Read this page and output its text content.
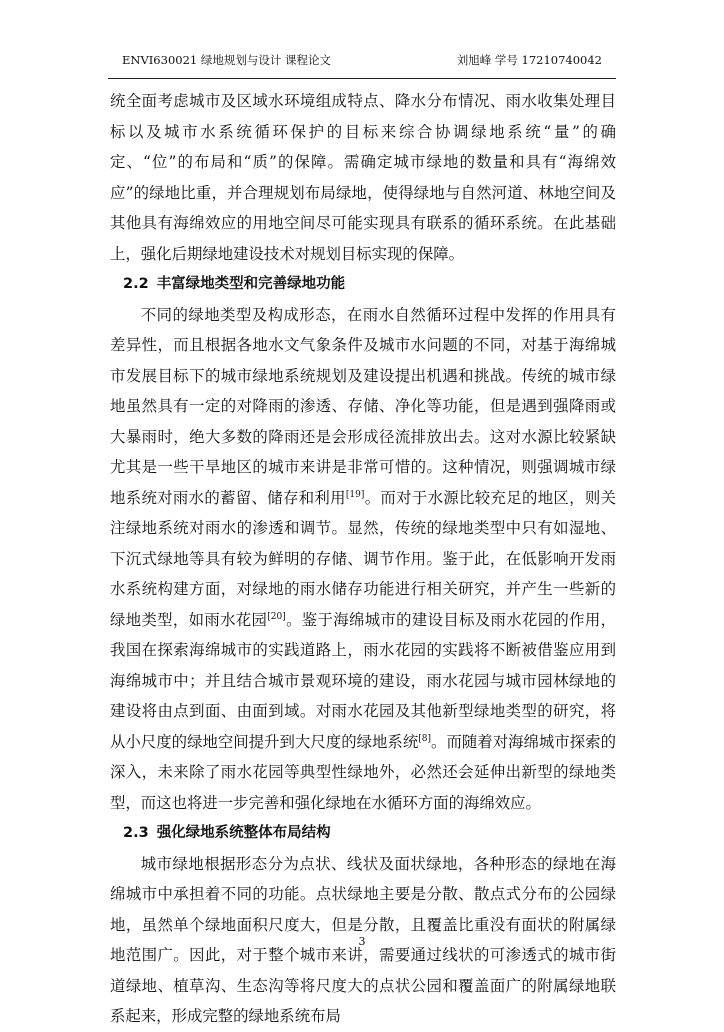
ENVI630021 绿地规划与设计 课程论文	刘旭峰 学号 17210740042

统全面考虑城市及区域水环境组成特点、降水分布情况、雨水收集处理目标以及城市水系统循环保护的目标来综合协调绿地系统“量”的确定、“位”的布局和“质”的保障。需确定城市绿地的数量和具有“海绵效应”的绿地比重，并合理规划布局绿地，使得绿地与自然河道、林地空间及其他具有海绵效应的用地空间尽可能实现具有联系的循环系统。在此基础上，强化后期绿地建设技术对规划目标实现的保障。

2.2 丰富绿地类型和完善绿地功能

不同的绿地类型及构成形态，在雨水自然循环过程中发挥的作用具有差异性，而且根据各地水文气象条件及城市水问题的不同，对基于海绵城市发展目标下的城市绿地系统规划及建设提出机遇和挑战。传统的城市绿地虽然具有一定的对降雨的渗透、存储、净化等功能，但是遇到强降雨或大暴雨时，绝大多数的降雨还是会形成径流排放出去。这对水源比较紧缺尤其是一些干旱地区的城市来讲是非常可惜的。这种情况，则强调城市绿地系统对雨水的蓄留、储存和利用[19]。而对于水源比较充足的地区，则关注绿地系统对雨水的渗透和调节。显然，传统的绿地类型中只有如湿地、下沉式绿地等具有较为鲜明的存储、调节作用。鉴于此，在低影响开发雨水系统构建方面，对绿地的雨水储存功能进行相关研究，并产生一些新的绿地类型，如雨水花园[20]。鉴于海绵城市的建设目标及雨水花园的作用，我国在探索海绵城市的实践道路上，雨水花园的实践将不断被借鉴应用到海绵城市中；并且结合城市景观环境的建设，雨水花园与城市园林绿地的建设将由点到面、由面到域。对雨水花园及其他新型绿地类型的研究，将从小尺度的绿地空间提升到大尺度的绿地系统[8]。而随着对海绵城市探索的深入，未来除了雨水花园等典型性绿地外，必然还会延伸出新型的绿地类型，而这也将进一步完善和强化绿地在水循环方面的海绵效应。

2.3 强化绿地系统整体布局结构

城市绿地根据形态分为点状、线状及面状绿地，各种形态的绿地在海绵城市中承担着不同的功能。点状绿地主要是分散、散点式分布的公园绿地，虽然单个绿地面积尺度大，但是分散，且覆盖比重没有面状的附属绿地范围广。因此，对于整个城市来讲，需要通过线状的可渗透式的城市街道绿地、植草沟、生态沟等将尺度大的点状公园和覆盖面广的附属绿地联系起来，形成完整的绿地系统布局

3
